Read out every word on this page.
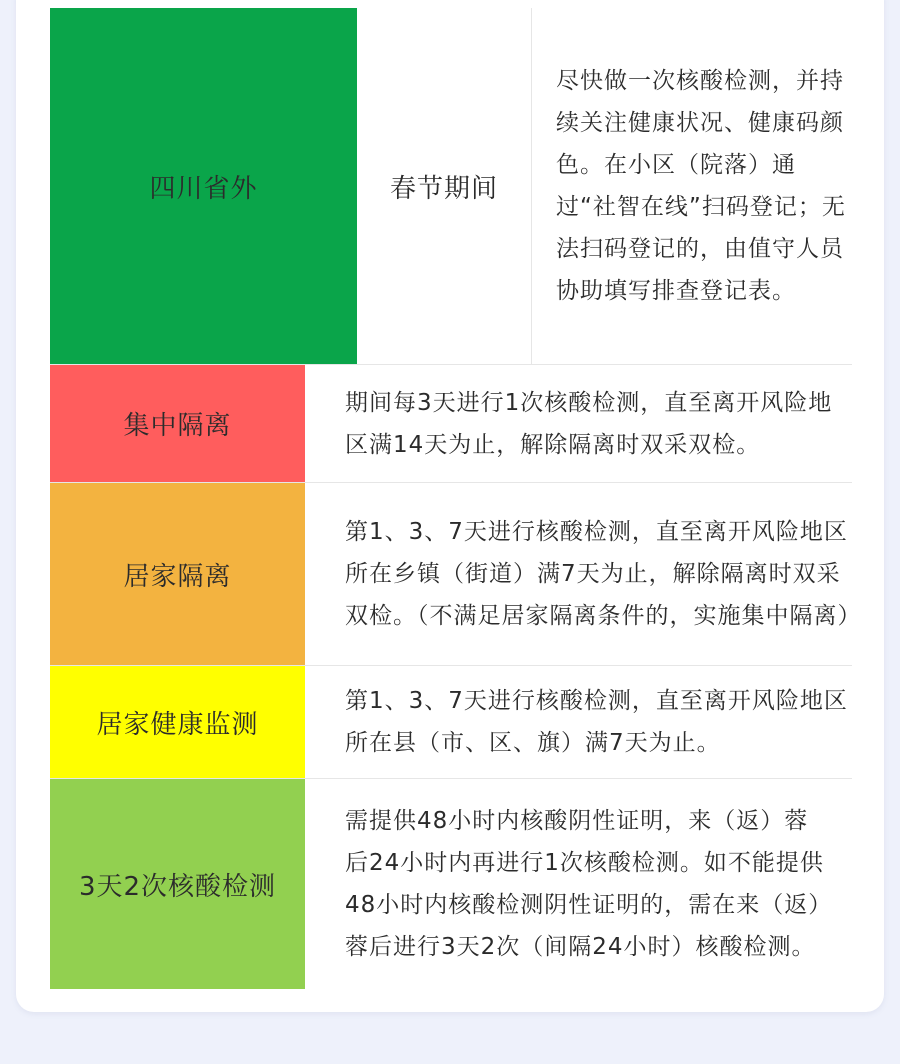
四川省外	春节期间
尽快做一次核酸检测，并持续关注健康状况、健康码颜色。在小区（院落）通过“社智在线”扫码登记；无法扫码登记的，由值守人员协助填写排查登记表。
集中隔离
期间每3天进行1次核酸检测，直至离开风险地区满14天为止，解除隔离时双采双检。
居家隔离
第1、3、7天进行核酸检测，直至离开风险地区所在乡镇（街道）满7天为止，解除隔离时双采双检。（不满足居家隔离条件的，实施集中隔离）
居家健康监测
第1、3、7天进行核酸检测，直至离开风险地区所在县（市、区、旗）满7天为止。
3天2次核酸检测
需提供48小时内核酸阴性证明，来（返）蓉后24小时内再进行1次核酸检测。如不能提供48小时内核酸检测阴性证明的，需在来（返）蓉后进行3天2次（间隔24小时）核酸检测。
